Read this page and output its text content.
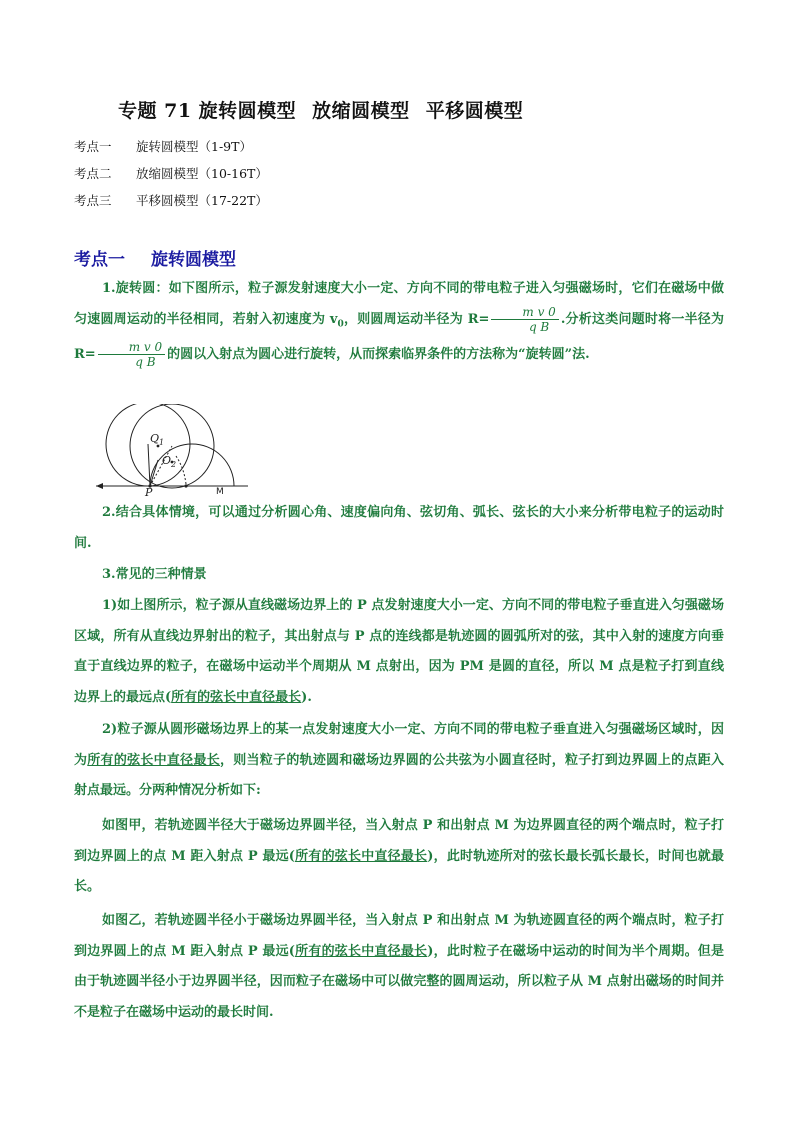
专题 71 旋转圆模型 放缩圆模型 平移圆模型
考点一 旋转圆模型（1-9T）
考点二 放缩圆模型（10-16T）
考点三 平移圆模型（17-22T）
考点一 旋转圆模型
1.旋转圆：如下图所示，粒子源发射速度大小一定、方向不同的带电粒子进入匀强磁场时，它们在磁场中做匀速圆周运动的半径相同，若射入初速度为 $v_0$，则圆周运动半径为 $R= \frac{\text{m v 0}}{\text{q B}}$ .分析这类问题时将一半径为 $R= \frac{\text{m v 0}}{\text{q B}}$ 的圆以入射点为圆心进行旋转，从而探索临界条件的方法称为“旋转圆”法.
$Q_1$
$O_2$
P	M
2.结合具体情境，可以通过分析圆心角、速度偏向角、弦切角、弧长、弦长的大小来分析带电粒子的运动时间.
3.常见的三种情景
1)如上图所示，粒子源从直线磁场边界上的 P 点发射速度大小一定、方向不同的带电粒子垂直进入匀强磁场区域，所有从直线边界射出的粒子，其出射点与 P 点的连线都是轨迹圆的圆弧所对的弦，其中入射的速度方向垂直于直线边界的粒子，在磁场中运动半个周期从 M 点射出，因为 PM 是圆的直径，所以 M 点是粒子打到直线边界上的最远点(所有的弦长中直径最长).
2)粒子源从圆形磁场边界上的某一点发射速度大小一定、方向不同的带电粒子垂直进入匀强磁场区域时，因为所有的弦长中直径最长，则当粒子的轨迹圆和磁场边界圆的公共弦为小圆直径时，粒子打到边界圆上的点距入射点最远。分两种情况分析如下:
如图甲，若轨迹圆半径大于磁场边界圆半径，当入射点 P 和出射点 M 为边界圆直径的两个端点时，粒子打到边界圆上的点 M 距入射点 P 最远(所有的弦长中直径最长)，此时轨迹所对的弦长最长弧长最长，时间也就最长。
如图乙，若轨迹圆半径小于磁场边界圆半径，当入射点 P 和出射点 M 为轨迹圆直径的两个端点时，粒子打到边界圆上的点 M 距入射点 P 最远(所有的弦长中直径最长)，此时粒子在磁场中运动的时间为半个周期。但是由于轨迹圆半径小于边界圆半径，因而粒子在磁场中可以做完整的圆周运动，所以粒子从 M 点射出磁场的时间并不是粒子在磁场中运动的最长时间.
